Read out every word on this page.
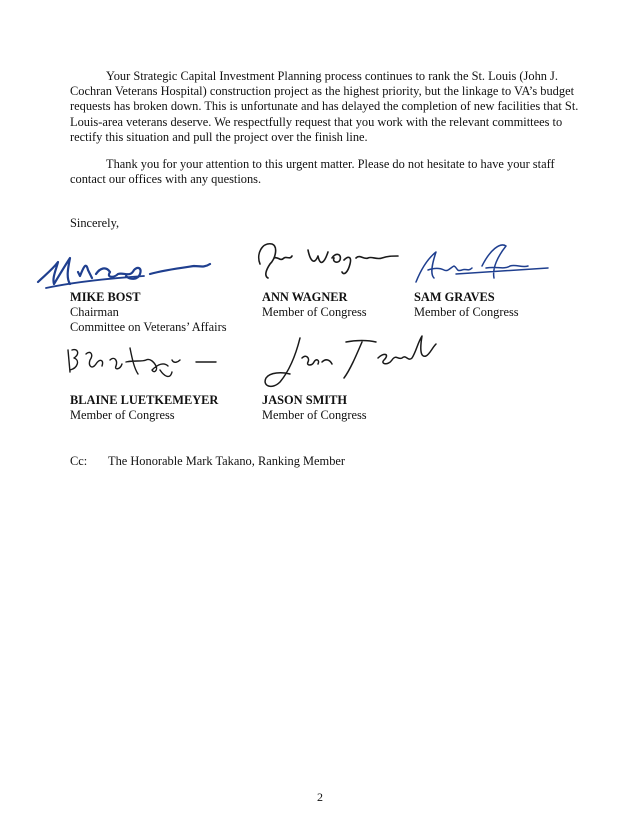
Your Strategic Capital Investment Planning process continues to rank the St. Louis (John J. Cochran Veterans Hospital) construction project as the highest priority, but the linkage to VA’s budget requests has broken down. This is unfortunate and has delayed the completion of new facilities that St. Louis-area veterans deserve. We respectfully request that you work with the relevant committees to rectify this situation and pull the project over the finish line.

Thank you for your attention to this urgent matter. Please do not hesitate to have your staff contact our offices with any questions.

Sincerely,
MIKE BOST
Chairman
Committee on Veterans’ Affairs
ANN WAGNER
Member of Congress
SAM GRAVES
Member of Congress
BLAINE LUETKEMEYER
Member of Congress
JASON SMITH
Member of Congress
Cc: The Honorable Mark Takano, Ranking Member
2
